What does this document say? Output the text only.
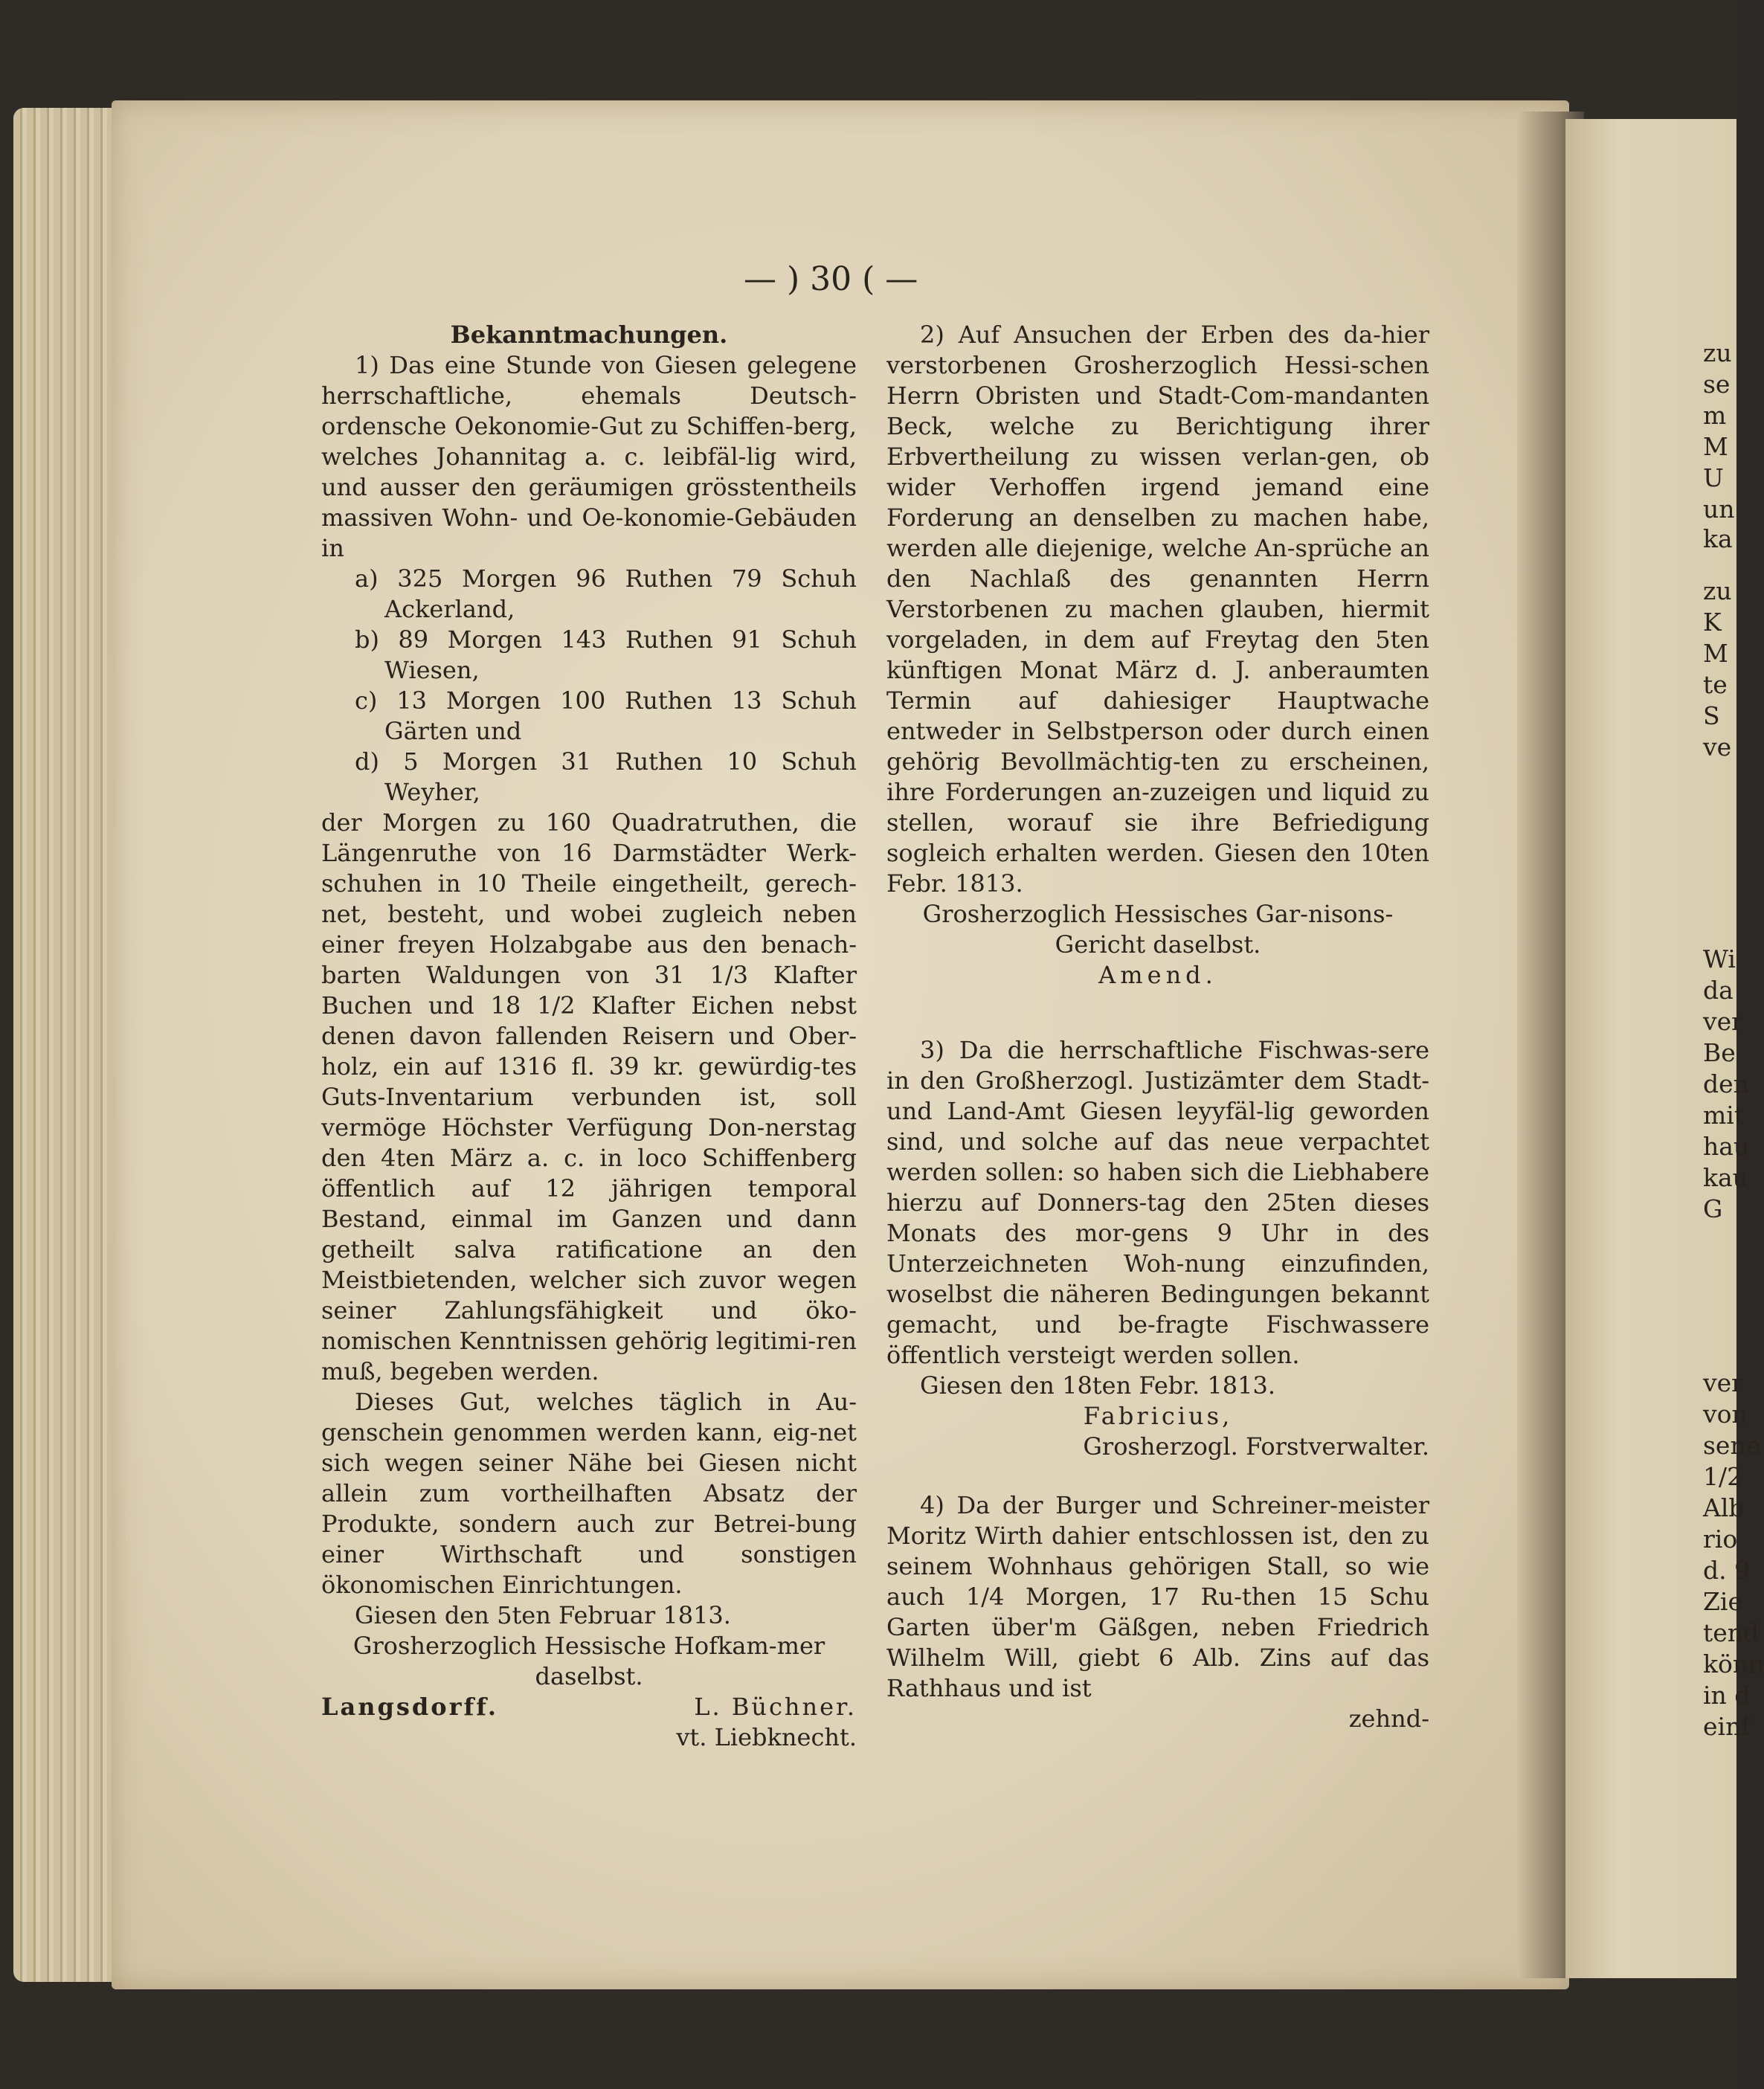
zu
se
m
M
U
un
ka
zu
K
M
te
S
ve
Wi
da
ver
Be
den
mit
hau
kau
G
ver
von
sene
1/2
Alb
rio
d. 9
Zie
tend
könn
in d
einf
— ) 30 ( —

Bekanntmachungen.

1) Das eine Stunde von Giesen gelegene herrschaftliche, ehemals Deutsch-ordensche Oekonomie-Gut zu Schiffen-berg, welches Johannitag a. c. leibfäl-lig wird, und ausser den geräumigen grösstentheils massiven Wohn- und Oe-konomie-Gebäuden in

a) 325 Morgen 96 Ruthen 79 Schuh Ackerland,

b) 89 Morgen 143 Ruthen 91 Schuh Wiesen,

c) 13 Morgen 100 Ruthen 13 Schuh Gärten und

d) 5 Morgen 31 Ruthen 10 Schuh Weyher,

der Morgen zu 160 Quadratruthen, die Längenruthe von 16 Darmstädter Werk-schuhen in 10 Theile eingetheilt, gerech-net, besteht, und wobei zugleich neben einer freyen Holzabgabe aus den benach-barten Waldungen von 31 1/3 Klafter Buchen und 18 1/2 Klafter Eichen nebst denen davon fallenden Reisern und Ober-holz, ein auf 1316 fl. 39 kr. gewürdig-tes Guts-Inventarium verbunden ist, soll vermöge Höchster Verfügung Don-nerstag den 4ten März a. c. in loco Schiffenberg öffentlich auf 12 jährigen temporal Bestand, einmal im Ganzen und dann getheilt salva ratificatione an den Meistbietenden, welcher sich zuvor wegen seiner Zahlungsfähigkeit und öko-nomischen Kenntnissen gehörig legitimi-ren muß, begeben werden.

Dieses Gut, welches täglich in Au-genschein genommen werden kann, eig-net sich wegen seiner Nähe bei Giesen nicht allein zum vortheilhaften Absatz der Produkte, sondern auch zur Betrei-bung einer Wirthschaft und sonstigen ökonomischen Einrichtungen.

Giesen den 5ten Februar 1813.

Grosherzoglich Hessische Hofkam-mer daselbst.

Langsdorff.	L. Büchner.

vt. Liebknecht.

2) Auf Ansuchen der Erben des da-hier verstorbenen Grosherzoglich Hessi-schen Herrn Obristen und Stadt-Com-mandanten Beck, welche zu Berichtigung ihrer Erbvertheilung zu wissen verlan-gen, ob wider Verhoffen irgend jemand eine Forderung an denselben zu machen habe, werden alle diejenige, welche An-sprüche an den Nachlaß des genannten Herrn Verstorbenen zu machen glauben, hiermit vorgeladen, in dem auf Freytag den 5ten künftigen Monat März d. J. anberaumten Termin auf dahiesiger Hauptwache entweder in Selbstperson oder durch einen gehörig Bevollmächtig-ten zu erscheinen, ihre Forderungen an-zuzeigen und liquid zu stellen, worauf sie ihre Befriedigung sogleich erhalten werden. Giesen den 10ten Febr. 1813.

Grosherzoglich Hessisches Gar-nisons-Gericht daselbst.

Amend.

3) Da die herrschaftliche Fischwas-sere in den Großherzogl. Justizämter dem Stadt- und Land-Amt Giesen leyyfäl-lig geworden sind, und solche auf das neue verpachtet werden sollen: so haben sich die Liebhabere hierzu auf Donners-tag den 25ten dieses Monats des mor-gens 9 Uhr in des Unterzeichneten Woh-nung einzufinden, woselbst die näheren Bedingungen bekannt gemacht, und be-fragte Fischwassere öffentlich versteigt werden sollen.

Giesen den 18ten Febr. 1813.

Fabricius,

Grosherzogl. Forstverwalter.

4) Da der Burger und Schreiner-meister Moritz Wirth dahier entschlossen ist, den zu seinem Wohnhaus gehörigen Stall, so wie auch 1/4 Morgen, 17 Ru-then 15 Schu Garten über'm Gäßgen, neben Friedrich Wilhelm Will, giebt 6 Alb. Zins auf das Rathhaus und ist

zehnd-
